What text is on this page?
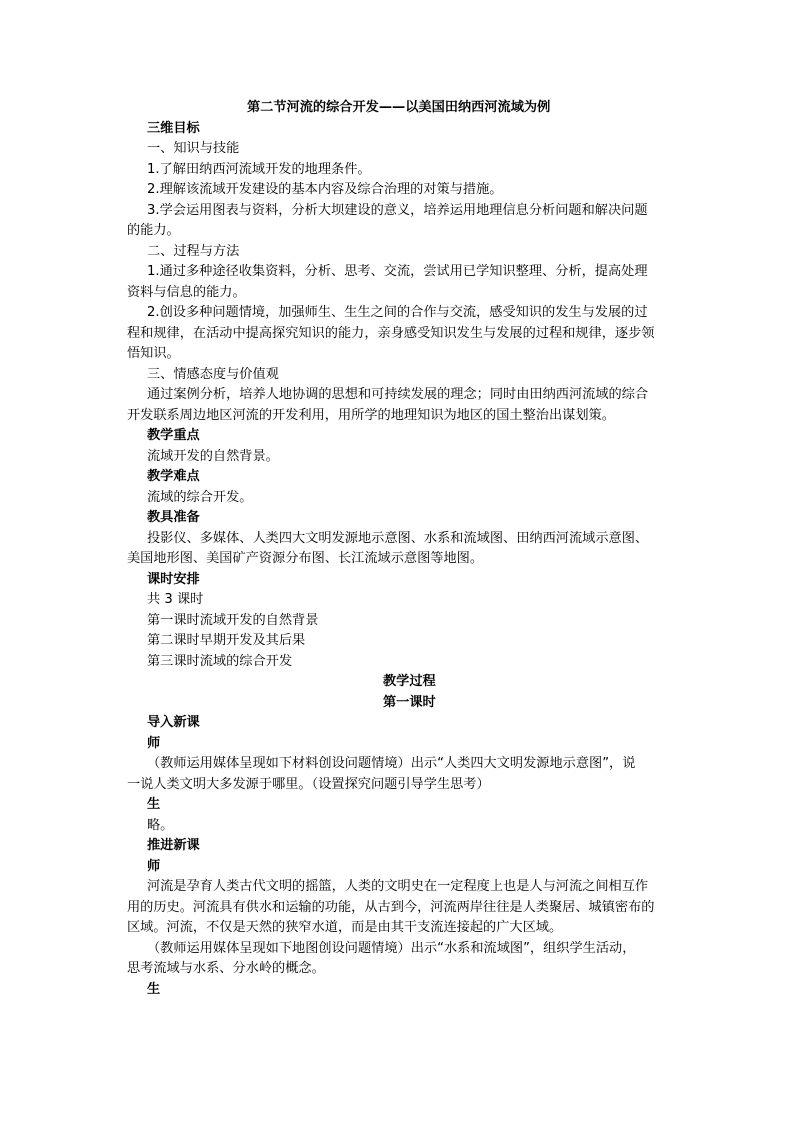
第二节河流的综合开发——以美国田纳西河流域为例
三维目标
一、知识与技能
1.了解田纳西河流域开发的地理条件。
2.理解该流域开发建设的基本内容及综合治理的对策与措施。
3.学会运用图表与资料，分析大坝建设的意义，培养运用地理信息分析问题和解决问题
的能力。
二、过程与方法
1.通过多种途径收集资料，分析、思考、交流，尝试用已学知识整理、分析，提高处理
资料与信息的能力。
2.创设多种问题情境，加强师生、生生之间的合作与交流，感受知识的发生与发展的过
程和规律，在活动中提高探究知识的能力，亲身感受知识发生与发展的过程和规律，逐步领
悟知识。
三、情感态度与价值观
通过案例分析，培养人地协调的思想和可持续发展的理念；同时由田纳西河流域的综合
开发联系周边地区河流的开发利用，用所学的地理知识为地区的国土整治出谋划策。
教学重点
流域开发的自然背景。
教学难点
流域的综合开发。
教具准备
投影仪、多媒体、人类四大文明发源地示意图、水系和流域图、田纳西河流域示意图、
美国地形图、美国矿产资源分布图、长江流域示意图等地图。
课时安排
共 3 课时
第一课时流域开发的自然背景
第二课时早期开发及其后果
第三课时流域的综合开发
教学过程
第一课时
导入新课
师
（教师运用媒体呈现如下材料创设问题情境）出示“人类四大文明发源地示意图”，说
一说人类文明大多发源于哪里。（设置探究问题引导学生思考）
生
略。
推进新课
师
河流是孕育人类古代文明的摇篮，人类的文明史在一定程度上也是人与河流之间相互作
用的历史。河流具有供水和运输的功能，从古到今，河流两岸往往是人类聚居、城镇密布的
区域。河流，不仅是天然的狭窄水道，而是由其干支流连接起的广大区域。
（教师运用媒体呈现如下地图创设问题情境）出示“水系和流域图”，组织学生活动，
思考流域与水系、分水岭的概念。
生
